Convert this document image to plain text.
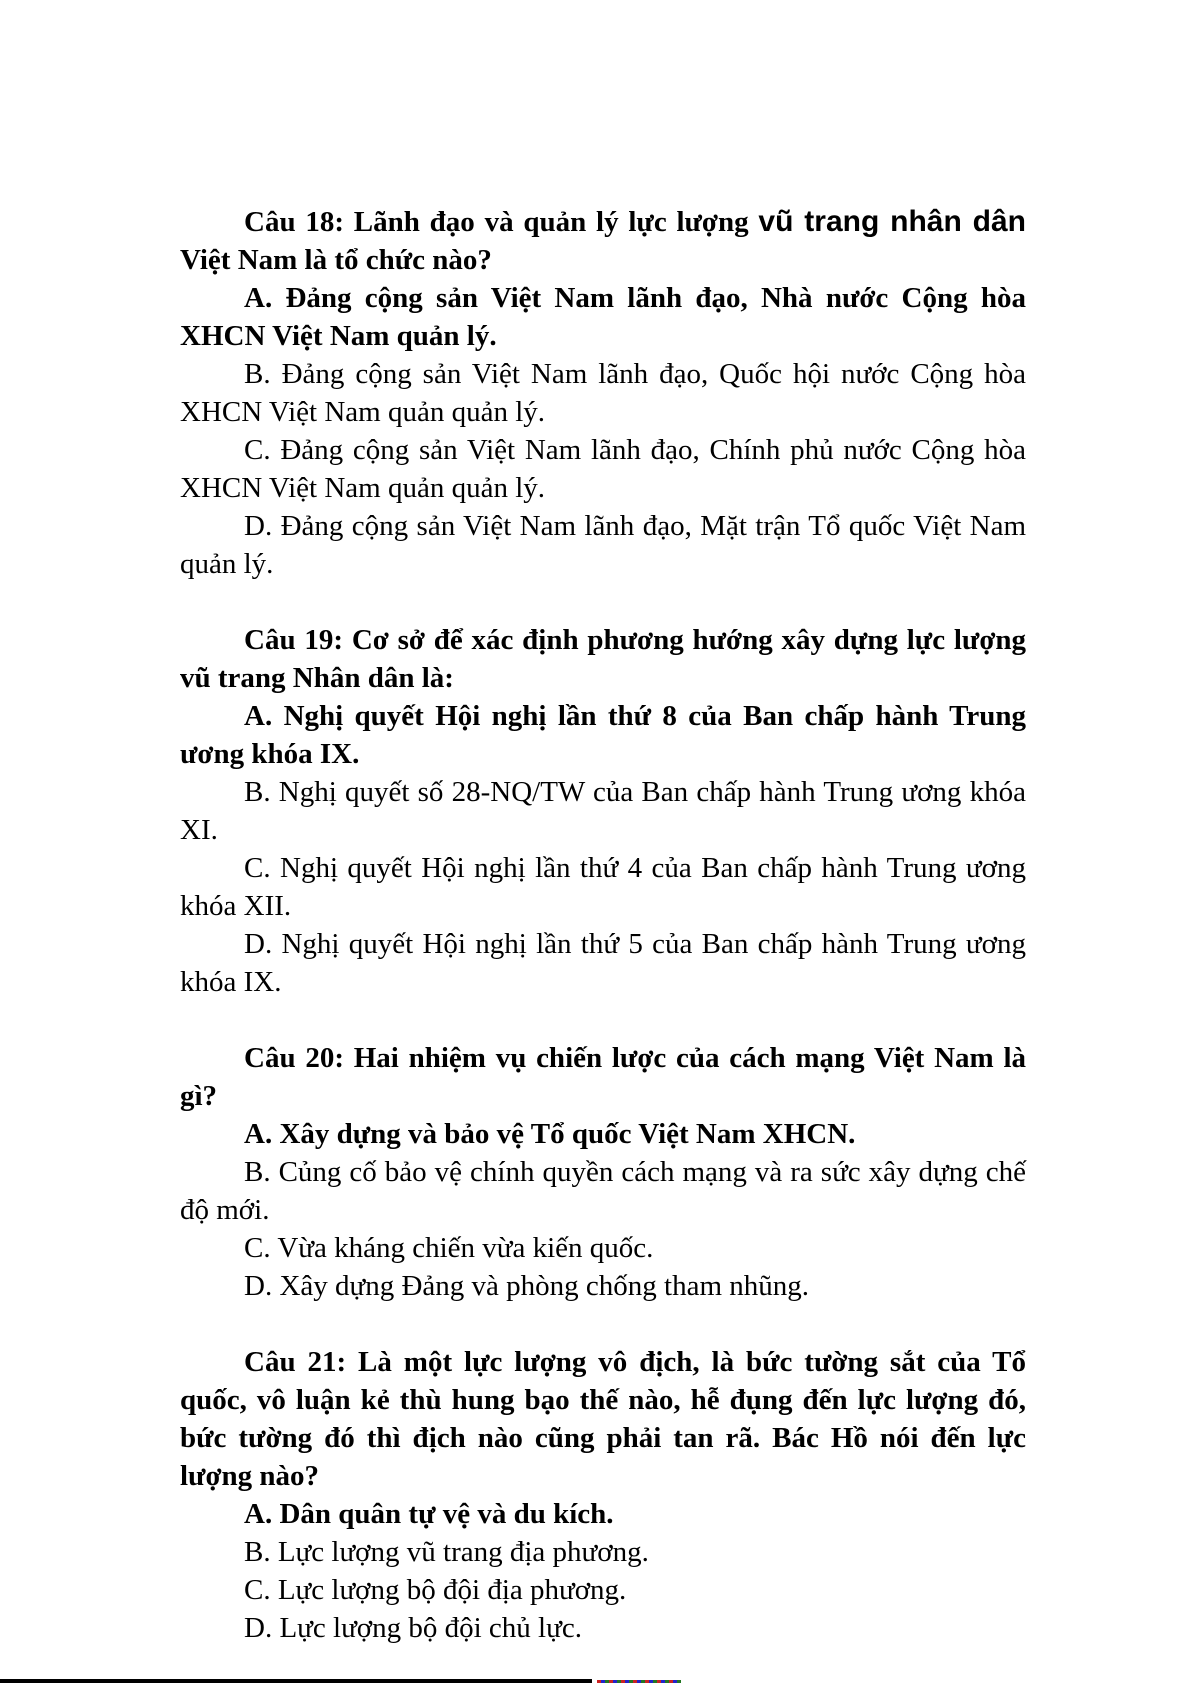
Câu 18: Lãnh đạo và quản lý lực lượng vũ trang nhân dân Việt Nam là tổ chức nào?

A. Đảng cộng sản Việt Nam lãnh đạo, Nhà nước Cộng hòa XHCN Việt Nam quản lý.

B. Đảng cộng sản Việt Nam lãnh đạo, Quốc hội nước Cộng hòa XHCN Việt Nam quản quản lý.

C. Đảng cộng sản Việt Nam lãnh đạo, Chính phủ nước Cộng hòa XHCN Việt Nam quản quản lý.

D. Đảng cộng sản Việt Nam lãnh đạo, Mặt trận Tổ quốc Việt Nam quản lý.

Câu 19: Cơ sở để xác định phương hướng xây dựng lực lượng vũ trang Nhân dân là:

A. Nghị quyết Hội nghị lần thứ 8 của Ban chấp hành Trung ương khóa IX.

B. Nghị quyết số 28-NQ/TW của Ban chấp hành Trung ương khóa XI.

C. Nghị quyết Hội nghị lần thứ 4 của Ban chấp hành Trung ương khóa XII.

D. Nghị quyết Hội nghị lần thứ 5 của Ban chấp hành Trung ương khóa IX.

Câu 20: Hai nhiệm vụ chiến lược của cách mạng Việt Nam là gì?

A. Xây dựng và bảo vệ Tổ quốc Việt Nam XHCN.

B. Củng cố bảo vệ chính quyền cách mạng và ra sức xây dựng chế độ mới.

C. Vừa kháng chiến vừa kiến quốc.

D. Xây dựng Đảng và phòng chống tham nhũng.

Câu 21: Là một lực lượng vô địch, là bức tường sắt của Tổ quốc, vô luận kẻ thù hung bạo thế nào, hễ đụng đến lực lượng đó, bức tường đó thì địch nào cũng phải tan rã. Bác Hồ nói đến lực lượng nào?

A. Dân quân tự vệ và du kích.

B. Lực lượng vũ trang địa phương.

C. Lực lượng bộ đội địa phương.

D. Lực lượng bộ đội chủ lực.
